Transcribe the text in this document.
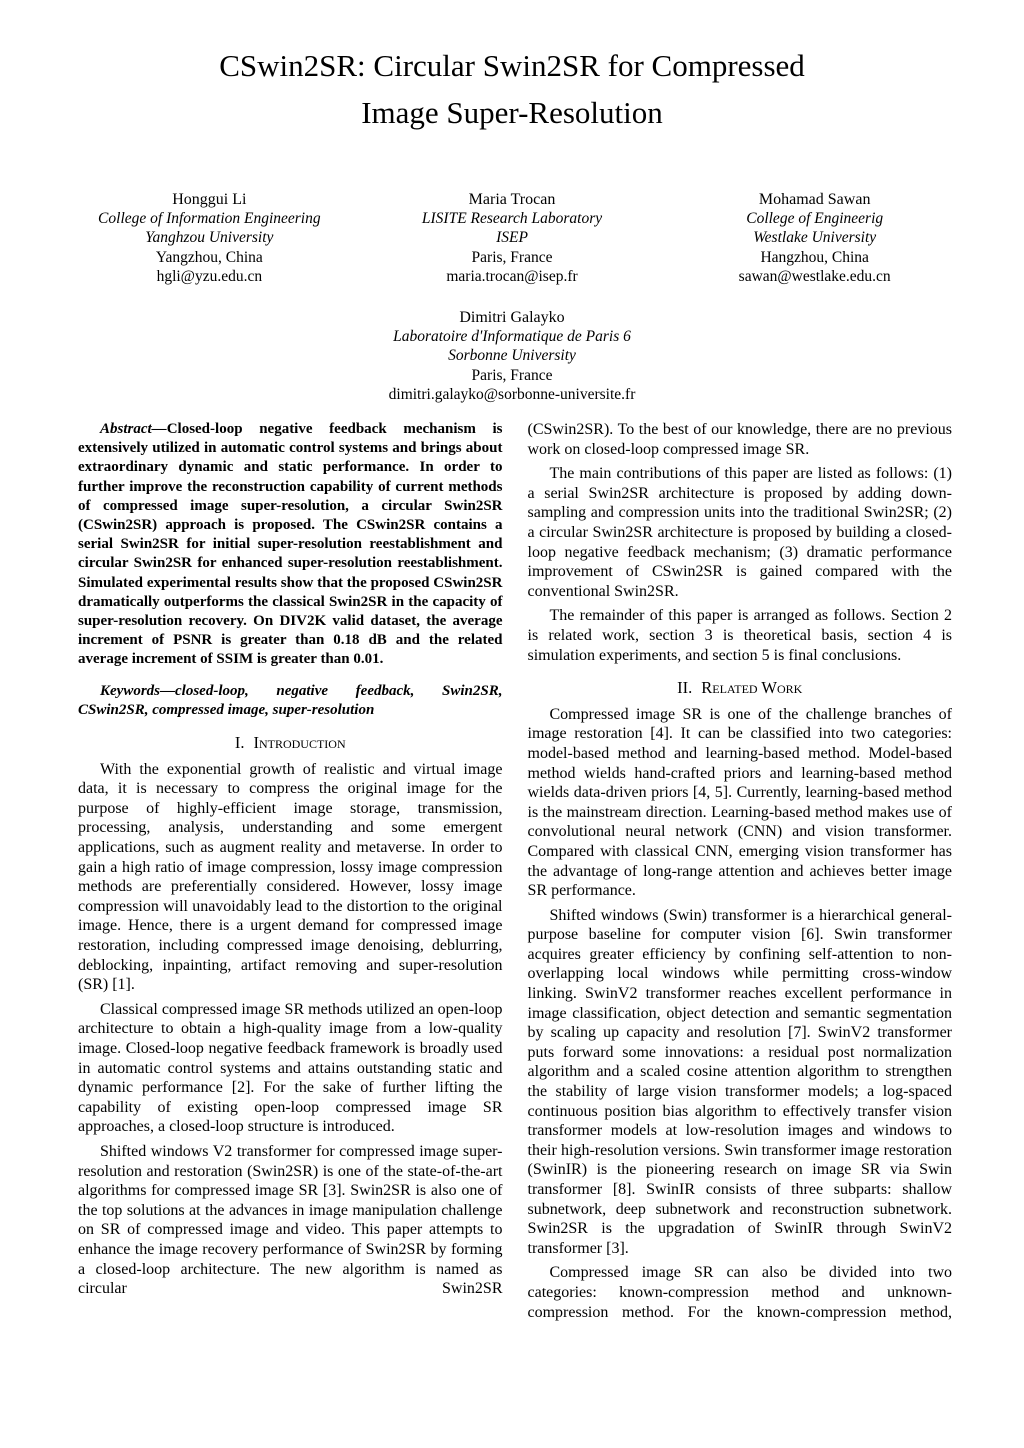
CSwin2SR: Circular Swin2SR for Compressed
Image Super-Resolution
Honggui Li
College of Information Engineering
Yanghzou University
Yangzhou, China
hgli@yzu.edu.cn
Maria Trocan
LISITE Research Laboratory
ISEP
Paris, France
maria.trocan@isep.fr
Mohamad Sawan
College of Engineerig
Westlake University
Hangzhou, China
sawan@westlake.edu.cn
Dimitri Galayko
Laboratoire d'Informatique de Paris 6
Sorbonne University
Paris, France
dimitri.galayko@sorbonne-universite.fr

Abstract—Closed-loop negative feedback mechanism is extensively utilized in automatic control systems and brings about extraordinary dynamic and static performance. In order to further improve the reconstruction capability of current methods of compressed image super-resolution, a circular Swin2SR (CSwin2SR) approach is proposed. The CSwin2SR contains a serial Swin2SR for initial super-resolution reestablishment and circular Swin2SR for enhanced super-resolution reestablishment. Simulated experimental results show that the proposed CSwin2SR dramatically outperforms the classical Swin2SR in the capacity of super-resolution recovery. On DIV2K valid dataset, the average increment of PSNR is greater than 0.18 dB and the related average increment of SSIM is greater than 0.01.

Keywords—closed-loop, negative feedback, Swin2SR, CSwin2SR, compressed image, super-resolution

I. Introduction

With the exponential growth of realistic and virtual image data, it is necessary to compress the original image for the purpose of highly-efficient image storage, transmission, processing, analysis, understanding and some emergent applications, such as augment reality and metaverse. In order to gain a high ratio of image compression, lossy image compression methods are preferentially considered. However, lossy image compression will unavoidably lead to the distortion to the original image. Hence, there is a urgent demand for compressed image restoration, including compressed image denoising, deblurring, deblocking, inpainting, artifact removing and super-resolution (SR) [1].

Classical compressed image SR methods utilized an open-loop architecture to obtain a high-quality image from a low-quality image. Closed-loop negative feedback framework is broadly used in automatic control systems and attains outstanding static and dynamic performance [2]. For the sake of further lifting the capability of existing open-loop compressed image SR approaches, a closed-loop structure is introduced.

Shifted windows V2 transformer for compressed image super-resolution and restoration (Swin2SR) is one of the state-of-the-art algorithms for compressed image SR [3]. Swin2SR is also one of the top solutions at the advances in image manipulation challenge on SR of compressed image and video. This paper attempts to enhance the image recovery performance of Swin2SR by forming a closed-loop architecture. The new algorithm is named as circular Swin2SR

(CSwin2SR). To the best of our knowledge, there are no previous work on closed-loop compressed image SR.

The main contributions of this paper are listed as follows: (1) a serial Swin2SR architecture is proposed by adding down-sampling and compression units into the traditional Swin2SR; (2) a circular Swin2SR architecture is proposed by building a closed-loop negative feedback mechanism; (3) dramatic performance improvement of CSwin2SR is gained compared with the conventional Swin2SR.

The remainder of this paper is arranged as follows. Section 2 is related work, section 3 is theoretical basis, section 4 is simulation experiments, and section 5 is final conclusions.

II. Related Work

Compressed image SR is one of the challenge branches of image restoration [4]. It can be classified into two categories: model-based method and learning-based method. Model-based method wields hand-crafted priors and learning-based method wields data-driven priors [4, 5]. Currently, learning-based method is the mainstream direction. Learning-based method makes use of convolutional neural network (CNN) and vision transformer. Compared with classical CNN, emerging vision transformer has the advantage of long-range attention and achieves better image SR performance.

Shifted windows (Swin) transformer is a hierarchical general-purpose baseline for computer vision [6]. Swin transformer acquires greater efficiency by confining self-attention to non-overlapping local windows while permitting cross-window linking. SwinV2 transformer reaches excellent performance in image classification, object detection and semantic segmentation by scaling up capacity and resolution [7]. SwinV2 transformer puts forward some innovations: a residual post normalization algorithm and a scaled cosine attention algorithm to strengthen the stability of large vision transformer models; a log-spaced continuous position bias algorithm to effectively transfer vision transformer models at low-resolution images and windows to their high-resolution versions. Swin transformer image restoration (SwinIR) is the pioneering research on image SR via Swin transformer [8]. SwinIR consists of three subparts: shallow subnetwork, deep subnetwork and reconstruction subnetwork. Swin2SR is the upgradation of SwinIR through SwinV2 transformer [3].

Compressed image SR can also be divided into two categories: known-compression method and unknown-compression method. For the known-compression method,
